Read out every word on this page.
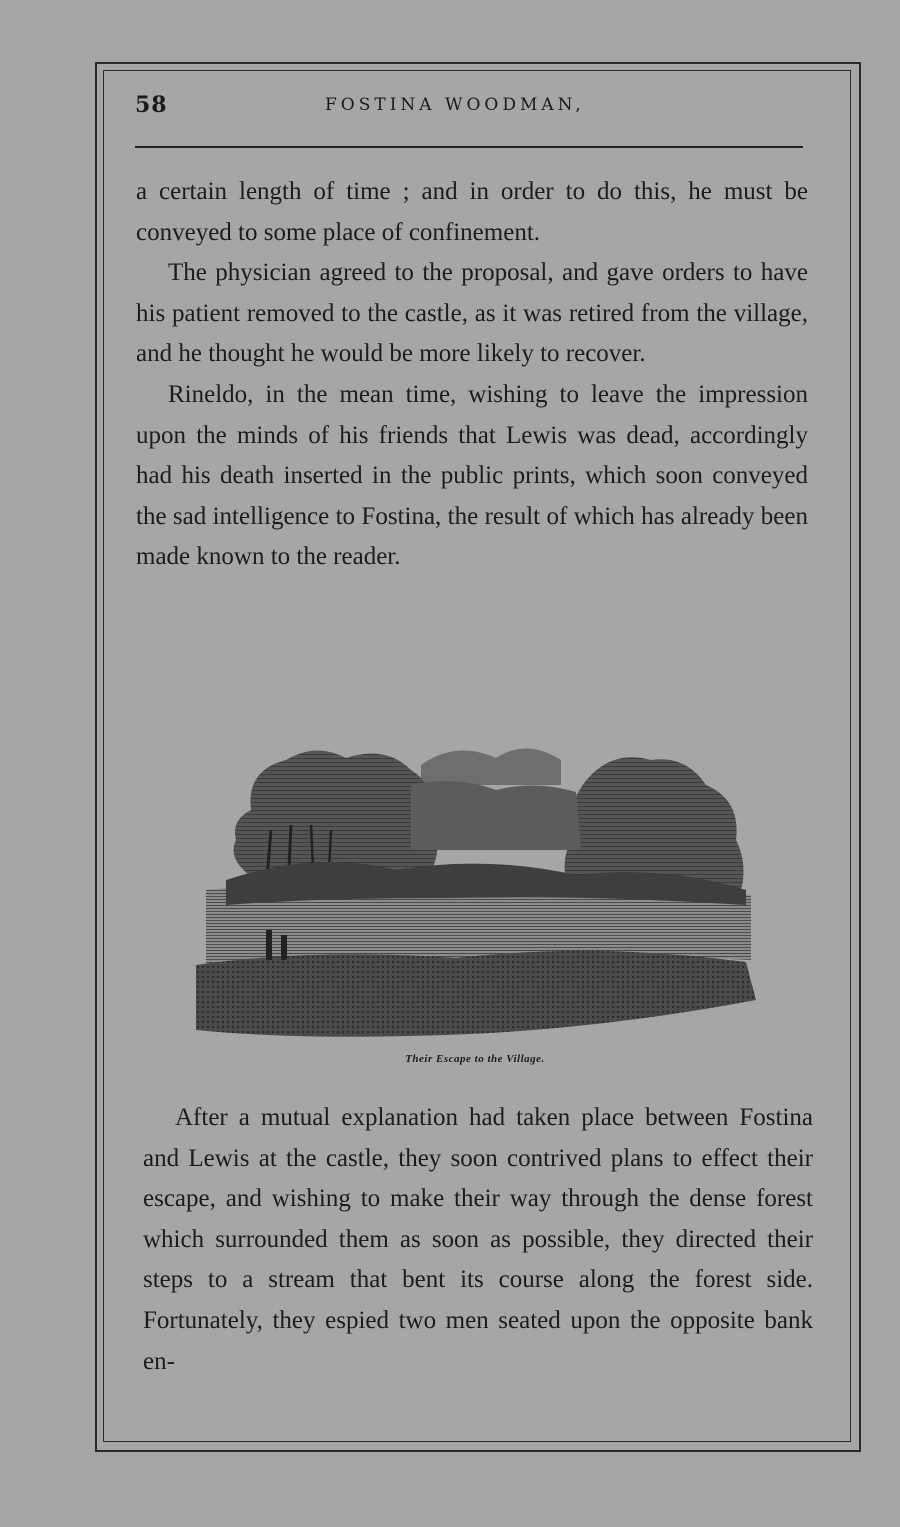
58	FOSTINA WOODMAN,

a certain length of time ; and in order to do this, he must be conveyed to some place of confinement.

The physician agreed to the proposal, and gave orders to have his patient removed to the castle, as it was retired from the village, and he thought he would be more likely to recover.

Rineldo, in the mean time, wishing to leave the impression upon the minds of his friends that Lewis was dead, accordingly had his death inserted in the public prints, which soon conveyed the sad intelligence to Fostina, the result of which has already been made known to the reader.

Their Escape to the Village.

After a mutual explanation had taken place between Fostina and Lewis at the castle, they soon contrived plans to effect their escape, and wishing to make their way through the dense forest which surrounded them as soon as possible, they directed their steps to a stream that bent its course along the forest side. Fortunately, they espied two men seated upon the opposite bank en-
